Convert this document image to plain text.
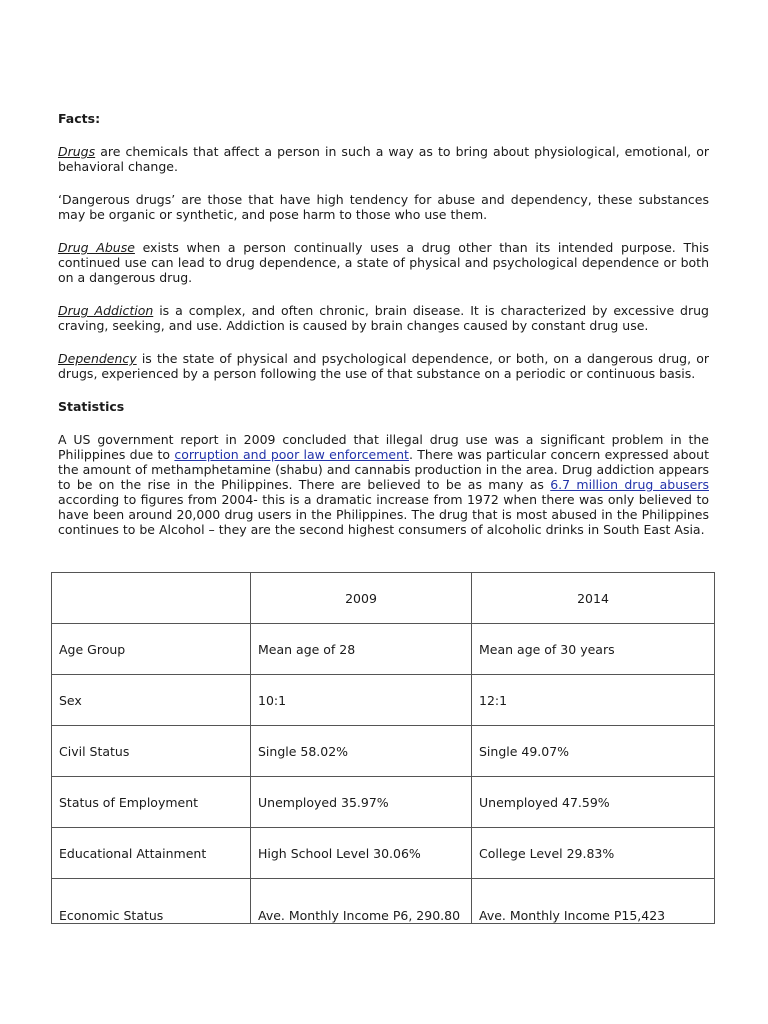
Facts:

Drugs are chemicals that affect a person in such a way as to bring about physiological, emotional, or behavioral change.

‘Dangerous drugs’ are those that have high tendency for abuse and dependency, these substances may be organic or synthetic, and pose harm to those who use them.

Drug Abuse exists when a person continually uses a drug other than its intended purpose. This continued use can lead to drug dependence, a state of physical and psychological dependence or both on a dangerous drug.

Drug Addiction is a complex, and often chronic, brain disease. It is characterized by excessive drug craving, seeking, and use. Addiction is caused by brain changes caused by constant drug use.

Dependency is the state of physical and psychological dependence, or both, on a dangerous drug, or drugs, experienced by a person following the use of that substance on a periodic or continuous basis.

Statistics

A US government report in 2009 concluded that illegal drug use was a significant problem in the Philippines due to corruption and poor law enforcement. There was particular concern expressed about the amount of methamphetamine (shabu) and cannabis production in the area. Drug addiction appears to be on the rise in the Philippines. There are believed to be as many as 6.7 million drug abusers according to figures from 2004- this is a dramatic increase from 1972 when there was only believed to have been around 20,000 drug users in the Philippines. The drug that is most abused in the Philippines continues to be Alcohol – they are the second highest consumers of alcoholic drinks in South East Asia.

	2009	2014
Age Group	Mean age of 28	Mean age of 30 years
Sex	10:1	12:1
Civil Status	Single 58.02%	Single 49.07%
Status of Employment	Unemployed 35.97%	Unemployed 47.59%
Educational Attainment	High School Level 30.06%	College Level 29.83%
Economic Status	Ave. Monthly Income P6, 290.80	Ave. Monthly Income P15,423
